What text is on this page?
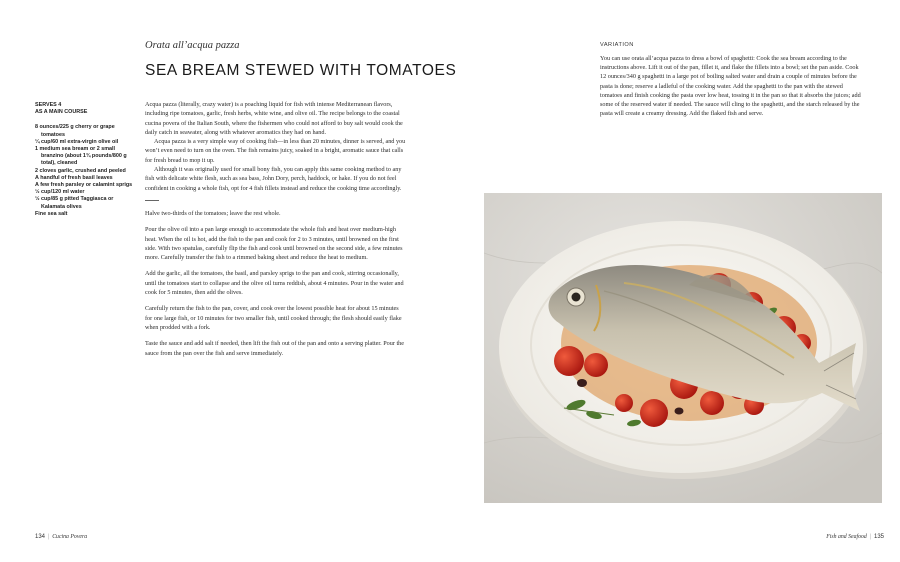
Orata all’acqua pazza
SEA BREAM STEWED WITH TOMATOES
SERVES 4
AS A MAIN COURSE
8 ounces/225 g cherry or grape tomatoes
¼ cup/60 ml extra-virgin olive oil
1 medium sea bream or 2 small branzino (about 1¾ pounds/800 g total), cleaned
2 cloves garlic, crushed and peeled
A handful of fresh basil leaves
A few fresh parsley or calamint sprigs
½ cup/120 ml water
½ cup/85 g pitted Taggiasca or Kalamata olives
Fine sea salt

Acqua pazza (literally, crazy water) is a poaching liquid for fish with intense Mediterranean flavors, including ripe tomatoes, garlic, fresh herbs, white wine, and olive oil. The recipe belongs to the coastal cucina povera of the Italian South, where the fishermen who could not afford to buy salt would cook the daily catch in seawater, along with whatever aromatics they had on hand.

Acqua pazza is a very simple way of cooking fish—in less than 20 minutes, dinner is served, and you won’t even need to turn on the oven. The fish remains juicy, soaked in a bright, aromatic sauce that calls for fresh bread to mop it up.

Although it was originally used for small bony fish, you can apply this same cooking method to any fish with delicate white flesh, such as sea bass, John Dory, perch, haddock, or hake. If you do not feel confident in cooking a whole fish, opt for 4 fish fillets instead and reduce the cooking time accordingly.

Halve two-thirds of the tomatoes; leave the rest whole.

Pour the olive oil into a pan large enough to accommodate the whole fish and heat over medium-high heat. When the oil is hot, add the fish to the pan and cook for 2 to 3 minutes, until browned on the first side. With two spatulas, carefully flip the fish and cook until browned on the second side, a few minutes more. Carefully transfer the fish to a rimmed baking sheet and reduce the heat to medium.

Add the garlic, all the tomatoes, the basil, and parsley sprigs to the pan and cook, stirring occasionally, until the tomatoes start to collapse and the olive oil turns reddish, about 4 minutes. Pour in the water and cook for 5 minutes, then add the olives.

Carefully return the fish to the pan, cover, and cook over the lowest possible heat for about 15 minutes for one large fish, or 10 minutes for two smaller fish, until cooked through; the flesh should easily flake when prodded with a fork.

Taste the sauce and add salt if needed, then lift the fish out of the pan and onto a serving platter. Pour the sauce from the pan over the fish and serve immediately.

134 | Cucina Povera
VARIATION

You can use orata all’acqua pazza to dress a bowl of spaghetti: Cook the sea bream according to the instructions above. Lift it out of the pan, fillet it, and flake the fillets into a bowl; set the pan aside. Cook 12 ounces/340 g spaghetti in a large pot of boiling salted water and drain a couple of minutes before the pasta is done; reserve a ladleful of the cooking water. Add the spaghetti to the pan with the stewed tomatoes and finish cooking the pasta over low heat, tossing it in the pan so that it absorbs the juices; add some of the reserved water if needed. The sauce will cling to the spaghetti, and the starch released by the pasta will create a creamy dressing. Add the flaked fish and serve.

Fish and Seafood | 135
